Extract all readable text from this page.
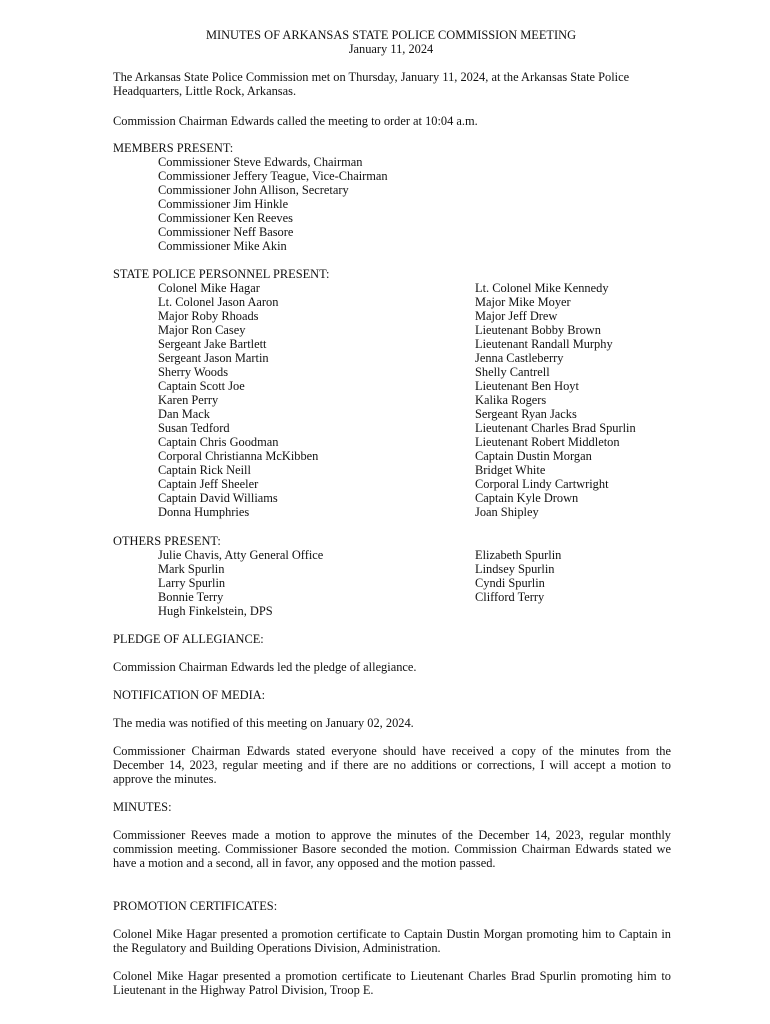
MINUTES OF ARKANSAS STATE POLICE COMMISSION MEETING
January 11, 2024
The Arkansas State Police Commission met on Thursday, January 11, 2024, at the Arkansas State Police Headquarters, Little Rock, Arkansas.
Commission Chairman Edwards called the meeting to order at 10:04 a.m.
MEMBERS PRESENT:
Commissioner Steve Edwards, Chairman
Commissioner Jeffery Teague, Vice-Chairman
Commissioner John Allison, Secretary
Commissioner Jim Hinkle
Commissioner Ken Reeves
Commissioner Neff Basore
Commissioner Mike Akin
STATE POLICE PERSONNEL PRESENT:
Colonel Mike Hagar
Lt. Colonel Jason Aaron
Major Roby Rhoads
Major Ron Casey
Sergeant Jake Bartlett
Sergeant Jason Martin
Sherry Woods
Captain Scott Joe
Karen Perry
Dan Mack
Susan Tedford
Captain Chris Goodman
Corporal Christianna McKibben
Captain Rick Neill
Captain Jeff Sheeler
Captain David Williams
Donna Humphries
Lt. Colonel Mike Kennedy
Major Mike Moyer
Major Jeff Drew
Lieutenant Bobby Brown
Lieutenant Randall Murphy
Jenna Castleberry
Shelly Cantrell
Lieutenant Ben Hoyt
Kalika Rogers
Sergeant Ryan Jacks
Lieutenant Charles Brad Spurlin
Lieutenant Robert Middleton
Captain Dustin Morgan
Bridget White
Corporal Lindy Cartwright
Captain Kyle Drown
Joan Shipley
OTHERS PRESENT:
Julie Chavis, Atty General Office
Mark Spurlin
Larry Spurlin
Bonnie Terry
Hugh Finkelstein, DPS
Elizabeth Spurlin
Lindsey Spurlin
Cyndi Spurlin
Clifford Terry
PLEDGE OF ALLEGIANCE:
Commission Chairman Edwards led the pledge of allegiance.
NOTIFICATION OF MEDIA:
The media was notified of this meeting on January 02, 2024.
Commissioner Chairman Edwards stated everyone should have received a copy of the minutes from the December 14, 2023, regular meeting and if there are no additions or corrections, I will accept a motion to approve the minutes.
MINUTES:
Commissioner Reeves made a motion to approve the minutes of the December 14, 2023, regular monthly commission meeting. Commissioner Basore seconded the motion. Commission Chairman Edwards stated we have a motion and a second, all in favor, any opposed and the motion passed.
PROMOTION CERTIFICATES:
Colonel Mike Hagar presented a promotion certificate to Captain Dustin Morgan promoting him to Captain in the Regulatory and Building Operations Division, Administration.
Colonel Mike Hagar presented a promotion certificate to Lieutenant Charles Brad Spurlin promoting him to Lieutenant in the Highway Patrol Division, Troop E.
